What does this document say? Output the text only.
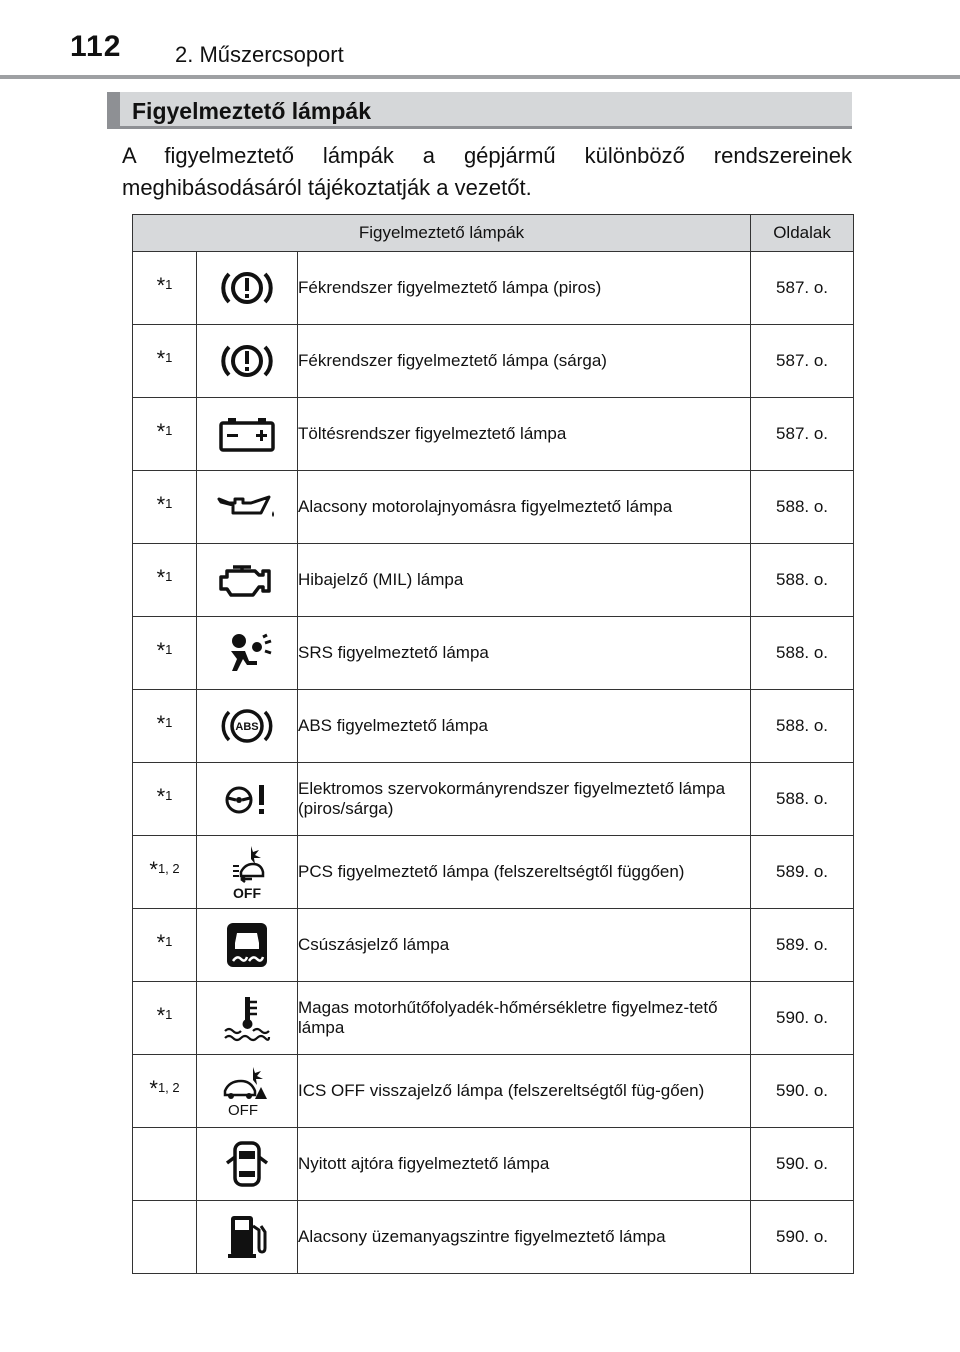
112 2. Műszercsoport
Figyelmeztető lámpák
A figyelmeztető lámpák a gépjármű különböző rendszereinek meghibásodásáról tájékoztatják a vezetőt.
Figyelmeztető lámpák			Oldalak
*$^1$		Fékrendszer figyelmeztető lámpa (piros)	587. o.
*$^1$		Fékrendszer figyelmeztető lámpa (sárga)	587. o.
*$^1$		Töltésrendszer figyelmeztető lámpa	587. o.
*$^1$		Alacsony motorolajnyomásra figyelmeztető lámpa	588. o.
*$^1$		Hibajelző (MIL) lámpa	588. o.
*$^1$		SRS figyelmeztető lámpa	588. o.
*$^1$	ABS	ABS figyelmeztető lámpa	588. o.
*$^1$		Elektromos szervokormányrendszer figyelmeztető lámpa (piros/sárga)	588. o.
*$^{1, 2}$	OFF	PCS figyelmeztető lámpa (felszereltségtől függően)	589. o.
*$^1$		Csúszásjelző lámpa	589. o.
*$^1$		Magas motorhűtőfolyadék-hőmérsékletre figyelmez-tető lámpa	590. o.
*$^{1, 2}$	OFF	ICS OFF visszajelző lámpa (felszereltségtől füg-gően)	590. o.

	Nyitott ajtóra figyelmeztető lámpa	590. o.

	Alacsony üzemanyagszintre figyelmeztető lámpa	590. o.
